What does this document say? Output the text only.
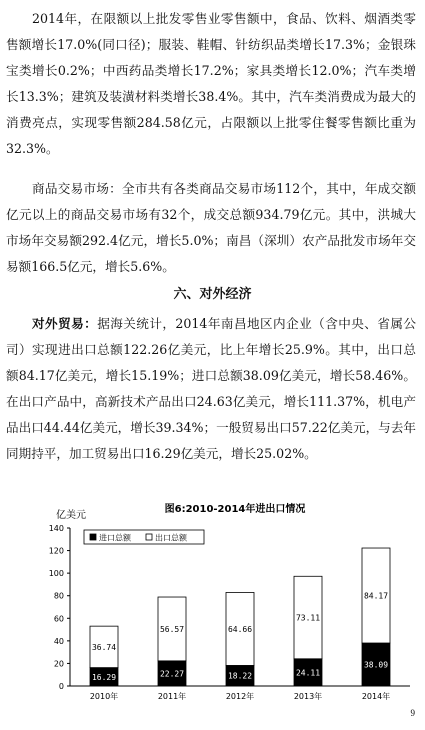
2014年，在限额以上批发零售业零售额中，食品、饮料、烟酒类零售额增长17.0%(同口径)；服装、鞋帽、针纺织品类增长17.3%；金银珠宝类增长0.2%；中西药品类增长17.2%；家具类增长12.0%；汽车类增长13.3%；建筑及装潢材料类增长38.4%。其中，汽车类消费成为最大的消费亮点，实现零售额284.58亿元，占限额以上批零住餐零售额比重为32.3%。

商品交易市场：全市共有各类商品交易市场112个，其中，年成交额亿元以上的商品交易市场有32个，成交总额934.79亿元。其中，洪城大市场年交易额292.4亿元，增长5.0%；南昌（深圳）农产品批发市场年交易额166.5亿元，增长5.6%。

六、对外经济

对外贸易：据海关统计，2014年南昌地区内企业（含中央、省属公司）实现进出口总额122.26亿美元，比上年增长25.9%。其中，出口总额84.17亿美元，增长15.19%；进口总额38.09亿美元，增长58.46%。在出口产品中，高新技术产品出口24.63亿美元，增长111.37%，机电产品出口44.44亿美元，增长39.34%；一般贸易出口57.22亿美元，与去年同期持平，加工贸易出口16.29亿美元，增长25.02%。

图6:2010-2014年进出口情况
亿美元
0
20
40
60
80
100
120
140
16.29
36.74
2010年
22.27
56.57
2011年
18.22
64.66
2012年
24.11
73.11
2013年
38.09
84.17
2014年
进口总额	出口总额
9
